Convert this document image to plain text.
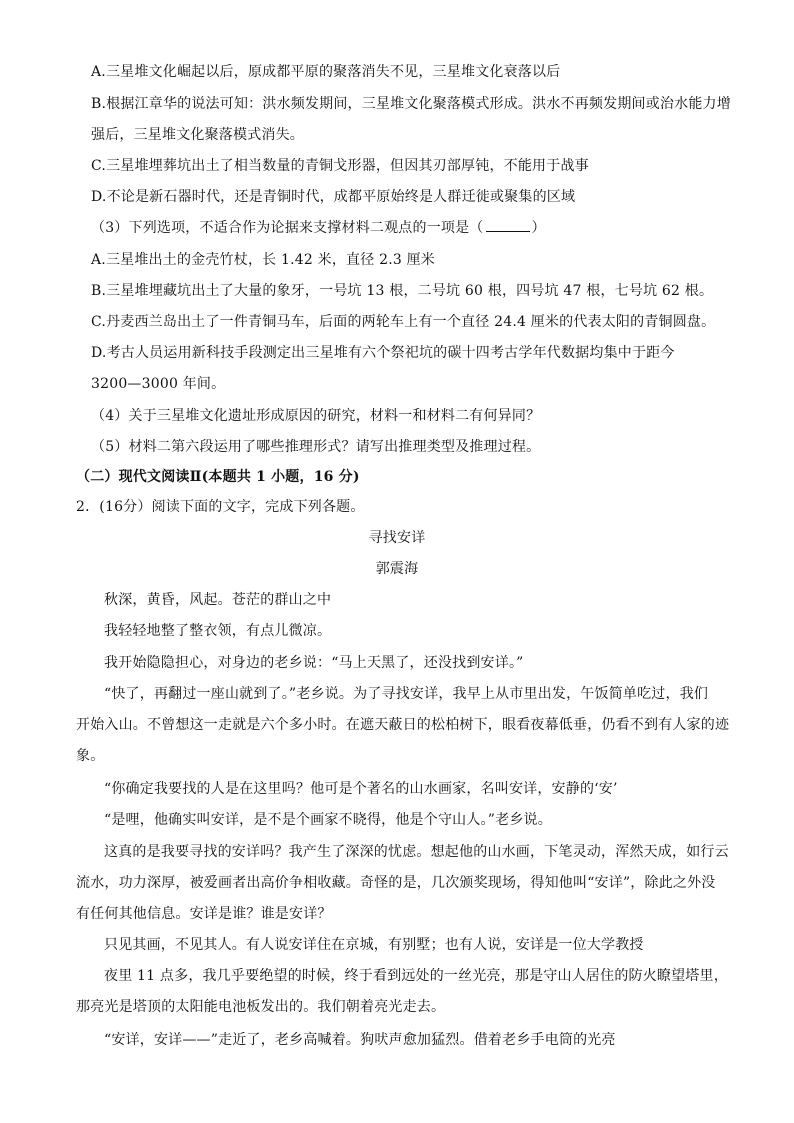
A.三星堆文化崛起以后，原成都平原的聚落消失不见，三星堆文化衰落以后
B.根据江章华的说法可知：洪水频发期间，三星堆文化聚落模式形成。洪水不再频发期间或治水能力增
强后，三星堆文化聚落模式消失。
C.三星堆埋葬坑出土了相当数量的青铜戈形器，但因其刃部厚钝，不能用于战事
D.不论是新石器时代，还是青铜时代，成都平原始终是人群迁徙或聚集的区域
（3）下列选项，不适合作为论据来支撑材料二观点的一项是（	）
A.三星堆出土的金壳竹杖，长 1.42 米，直径 2.3 厘米
B.三星堆埋藏坑出土了大量的象牙，一号坑 13 根，二号坑 60 根，四号坑 47 根，七号坑 62 根。
C.丹麦西兰岛出土了一件青铜马车，后面的两轮车上有一个直径 24.4 厘米的代表太阳的青铜圆盘。
D.考古人员运用新科技手段测定出三星堆有六个祭祀坑的碳十四考古学年代数据均集中于距今
3200—3000 年间。
（4）关于三星堆文化遗址形成原因的研究，材料一和材料二有何异同？
（5）材料二第六段运用了哪些推理形式？请写出推理类型及推理过程。
（二）现代文阅读Ⅱ(本题共 1 小题，16 分)
2．(16分）阅读下面的文字，完成下列各题。
寻找安详
郭震海
秋深，黄昏，风起。苍茫的群山之中
我轻轻地整了整衣领，有点儿微凉。
我开始隐隐担心，对身边的老乡说：“马上天黑了，还没找到安详。”
“快了，再翻过一座山就到了。”老乡说。为了寻找安详，我早上从市里出发，午饭简单吃过，我们
开始入山。不曾想这一走就是六个多小时。在遮天蔽日的松柏树下，眼看夜幕低垂，仍看不到有人家的迹
象。
“你确定我要找的人是在这里吗？他可是个著名的山水画家，名叫安详，安静的‘安’
“是哩，他确实叫安详，是不是个画家不晓得，他是个守山人。”老乡说。
这真的是我要寻找的安详吗？我产生了深深的忧虑。想起他的山水画，下笔灵动，浑然天成，如行云
流水，功力深厚，被爱画者出高价争相收藏。奇怪的是，几次颁奖现场，得知他叫“安详”，除此之外没
有任何其他信息。安详是谁？谁是安详？
只见其画，不见其人。有人说安详住在京城，有别墅；也有人说，安详是一位大学教授
夜里 11 点多，我几乎要绝望的时候，终于看到远处的一丝光亮，那是守山人居住的防火瞭望塔里，
那亮光是塔顶的太阳能电池板发出的。我们朝着亮光走去。
“安详，安详——”走近了，老乡高喊着。狗吠声愈加猛烈。借着老乡手电筒的光亮
